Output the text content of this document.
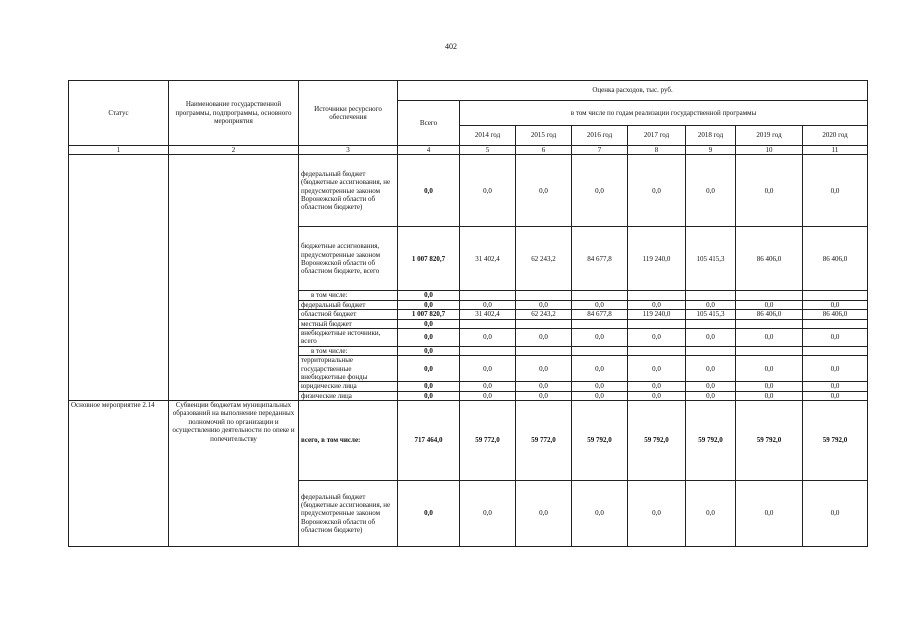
402
Статус	Наименование государственной программы, подпрограммы, основного мероприятия	Источники ресурсного обеспечения	Оценка расходов, тыс. руб.							
			Всего	в том числе по годам реализации государственной программы						
				2014 год	2015 год	2016 год	2017 год	2018 год	2019 год	2020 год
1	2	3	4	5	6	7	8	9	10	11
		федеральный бюджет (бюджетные ассигнования, не предусмотренные законом Воронежской области об областном бюджете)	0,0	0,0	0,0	0,0	0,0	0,0	0,0	0,0
		бюджетные ассигнования, предусмотренные законом Воронежской области об областном бюджете, всего	1 007 820,7	31 402,4	62 243,2	84 677,8	119 240,0	105 415,3	86 406,0	86 406,0
		в том числе:	0,0							
		федеральный бюджет	0,0	0,0	0,0	0,0	0,0	0,0	0,0	0,0
		областной бюджет	1 007 820,7	31 402,4	62 243,2	84 677,8	119 240,0	105 415,3	86 406,0	86 406,0
		местный бюджет	0,0							
		внебюджетные источники, всего	0,0	0,0	0,0	0,0	0,0	0,0	0,0	0,0
		в том числе:	0,0							
		территориальные государственные внебюджетные фонды	0,0	0,0	0,0	0,0	0,0	0,0	0,0	0,0
		юридические лица	0,0	0,0	0,0	0,0	0,0	0,0	0,0	0,0
		физические лица	0,0	0,0	0,0	0,0	0,0	0,0	0,0	0,0
Основное мероприятие 2.14	Субвенции бюджетам муниципальных образований на выполнение переданных полномочий по организации и осуществлению деятельности по опеке и попечительству	всего, в том числе:	717 464,0	59 772,0	59 772,0	59 792,0	59 792,0	59 792,0	59 792,0	59 792,0
		федеральный бюджет (бюджетные ассигнования, не предусмотренные законом Воронежской области об областном бюджете)	0,0	0,0	0,0	0,0	0,0	0,0	0,0	0,0
